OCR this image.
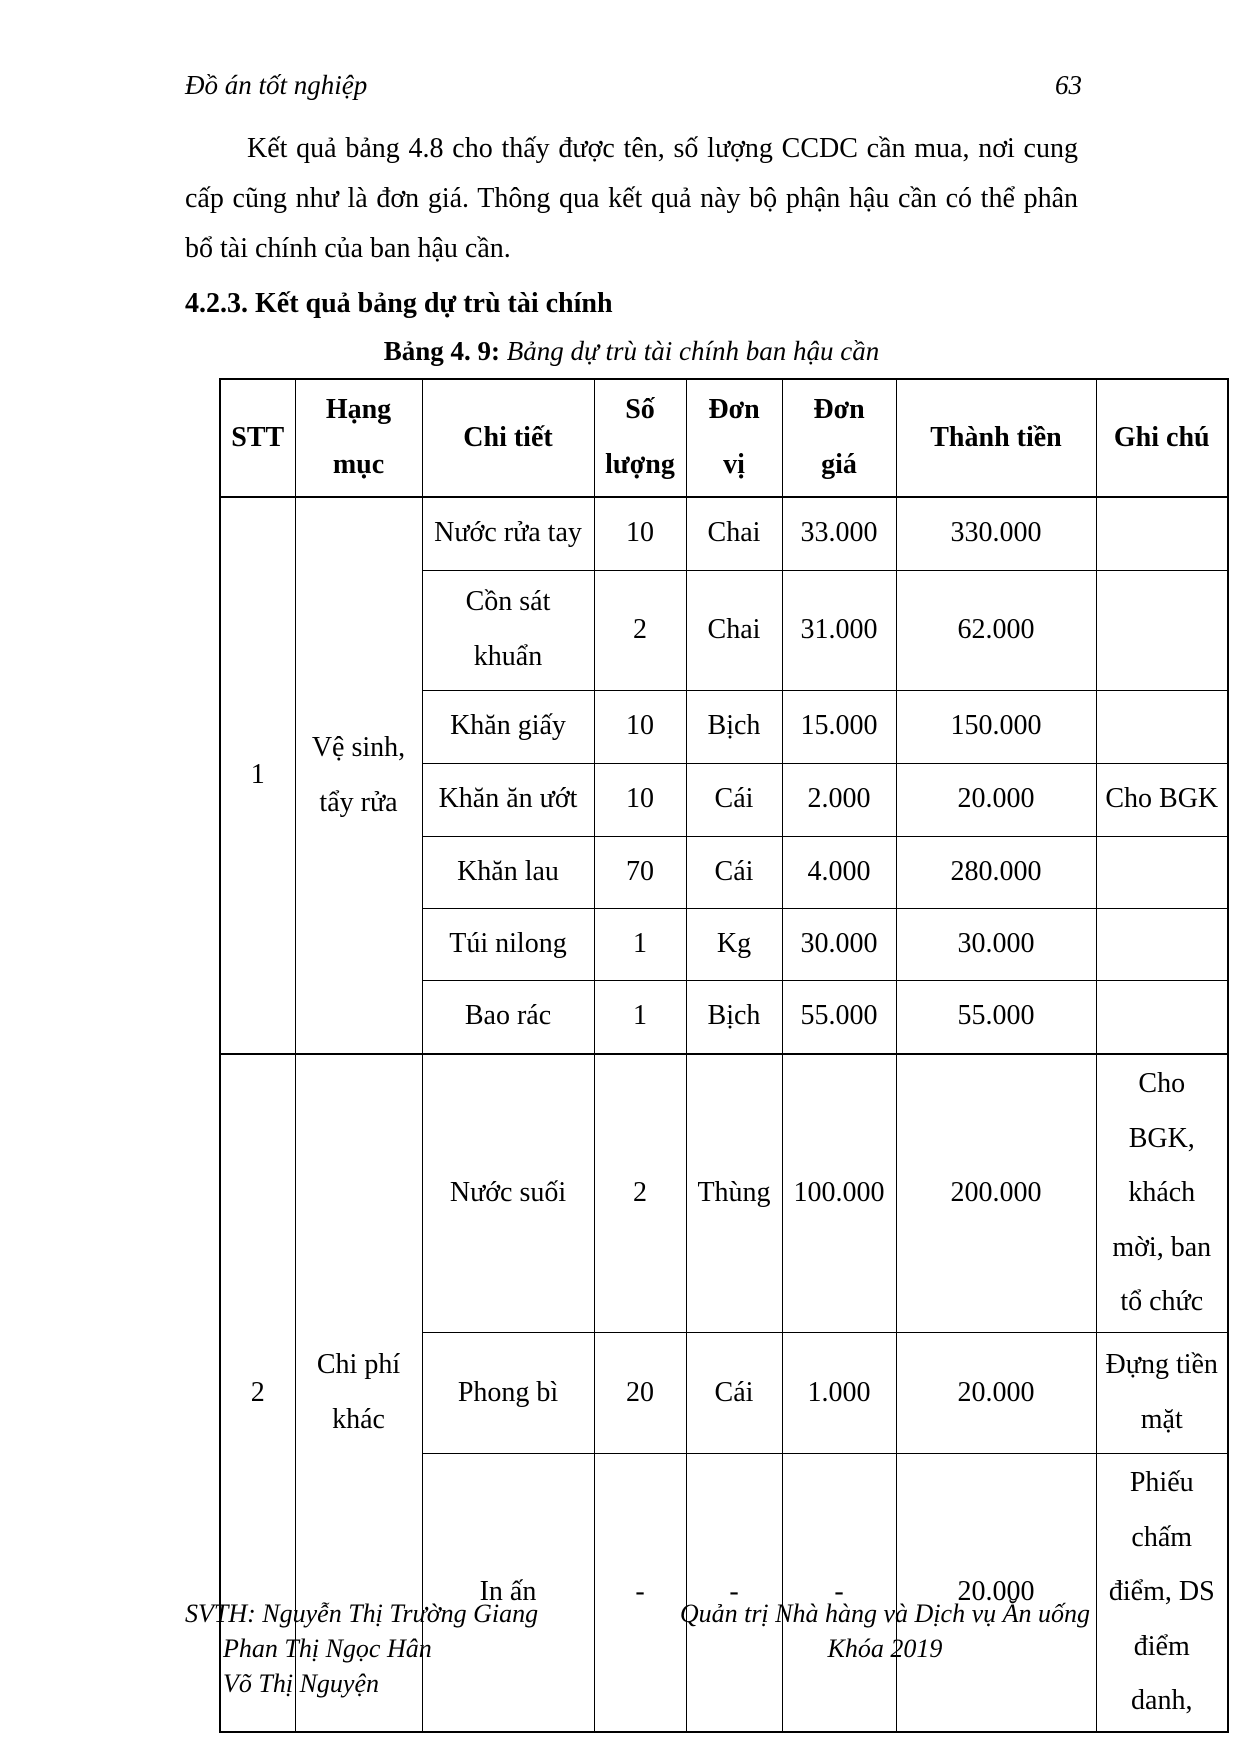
Đồ án tốt nghiệp	63
Kết quả bảng 4.8 cho thấy được tên, số lượng CCDC cần mua, nơi cung cấp cũng như là đơn giá. Thông qua kết quả này bộ phận hậu cần có thể phân bổ tài chính của ban hậu cần.
4.2.3. Kết quả bảng dự trù tài chính
Bảng 4. 9: Bảng dự trù tài chính ban hậu cần
STT	Hạng mục	Chi tiết	Số lượng	Đơn vị	Đơn giá	Thành tiền	Ghi chú
1	Vệ sinh, tẩy rửa	Nước rửa tay	10	Chai	33.000	330.000	
		Cồn sát khuẩn	2	Chai	31.000	62.000	
		Khăn giấy	10	Bịch	15.000	150.000	
		Khăn ăn ướt	10	Cái	2.000	20.000	Cho BGK
		Khăn lau	70	Cái	4.000	280.000	
		Túi nilong	1	Kg	30.000	30.000	
		Bao rác	1	Bịch	55.000	55.000	
2	Chi phí khác	Nước suối	2	Thùng	100.000	200.000	Cho BGK, khách mời, ban tổ chức
		Phong bì	20	Cái	1.000	20.000	Đựng tiền mặt
		In ấn	-	-	-	20.000	Phiếu chấm điểm, DS điểm danh,
SVTH: Nguyễn Thị Trường Giang
Phan Thị Ngọc Hân
Võ Thị Nguyện
Quản trị Nhà hàng và Dịch vụ Ăn uống
Khóa 2019
